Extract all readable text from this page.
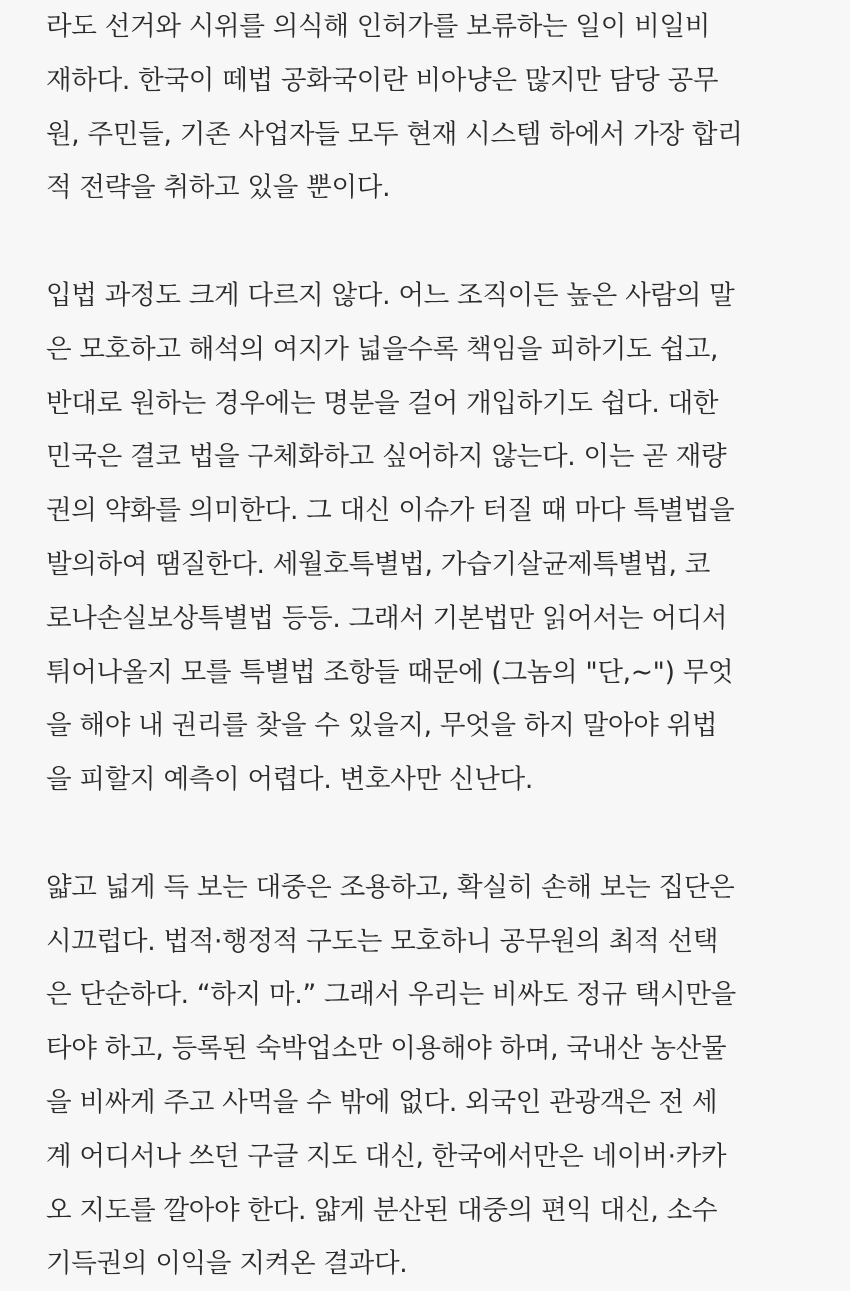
라도 선거와 시위를 의식해 인허가를 보류하는 일이 비일비
재하다. 한국이 떼법 공화국이란 비아냥은 많지만 담당 공무
원, 주민들, 기존 사업자들 모두 현재 시스템 하에서 가장 합리
적 전략을 취하고 있을 뿐이다.

입법 과정도 크게 다르지 않다. 어느 조직이든 높은 사람의 말
은 모호하고 해석의 여지가 넓을수록 책임을 피하기도 쉽고,
반대로 원하는 경우에는 명분을 걸어 개입하기도 쉽다. 대한
민국은 결코 법을 구체화하고 싶어하지 않는다. 이는 곧 재량
권의 약화를 의미한다. 그 대신 이슈가 터질 때 마다 특별법을
발의하여 땜질한다. 세월호특별법, 가습기살균제특별법, 코
로나손실보상특별법 등등. 그래서 기본법만 읽어서는 어디서
튀어나올지 모를 특별법 조항들 때문에 (그놈의 "단,~") 무엇
을 해야 내 권리를 찾을 수 있을지, 무엇을 하지 말아야 위법
을 피할지 예측이 어렵다. 변호사만 신난다.

얇고 넓게 득 보는 대중은 조용하고, 확실히 손해 보는 집단은
시끄럽다. 법적·행정적 구도는 모호하니 공무원의 최적 선택
은 단순하다. “하지 마.” 그래서 우리는 비싸도 정규 택시만을
타야 하고, 등록된 숙박업소만 이용해야 하며, 국내산 농산물
을 비싸게 주고 사먹을 수 밖에 없다. 외국인 관광객은 전 세
계 어디서나 쓰던 구글 지도 대신, 한국에서만은 네이버·카카
오 지도를 깔아야 한다. 얇게 분산된 대중의 편익 대신, 소수
기득권의 이익을 지켜온 결과다.
